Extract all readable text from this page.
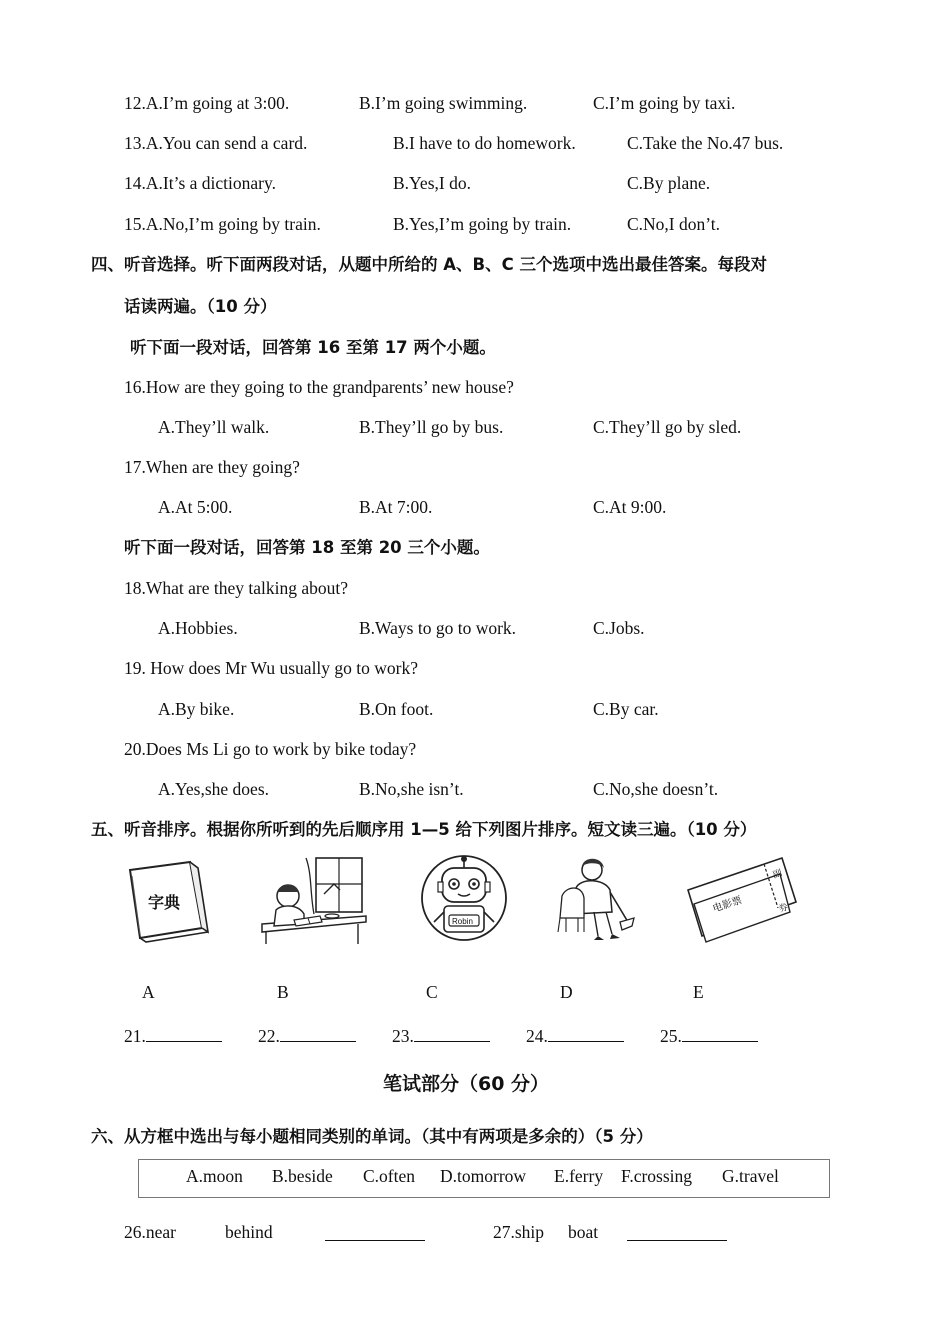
12.A.I’m going at 3:00.	B.I’m going swimming.	C.I’m going by taxi.
13.A.You can send a card.	B.I have to do homework.	C.Take the No.47 bus.
14.A.It’s a dictionary.	B.Yes,I do.	C.By plane.
15.A.No,I’m going by train.	B.Yes,I’m going by train.	C.No,I don’t.
四、听音选择。听下面两段对话，从题中所给的 A、B、C 三个选项中选出最佳答案。每段对
话读两遍。（10 分）
听下面一段对话，回答第 16 至第 17 两个小题。
16.How are they going to the grandparents’ new house?
A.They’ll walk.	B.They’ll go by bus.	C.They’ll go by sled.
17.When are they going?
A.At 5:00.	B.At 7:00.	C.At 9:00.
听下面一段对话，回答第 18 至第 20 三个小题。
18.What are they talking about?
A.Hobbies.	B.Ways to go to work.	C.Jobs.
19. How does Mr Wu usually go to work?
A.By bike.	B.On foot.	C.By car.
20.Does Ms Li go to work by bike today?
A.Yes,she does.	B.No,she isn’t.	C.No,she doesn’t.
五、听音排序。根据你所听到的先后顺序用 1—5 给下列图片排序。短文读三遍。（10 分）
字典
Robin
电影票
副
券
A	B	C	D	E
21.	22.	23.	24.	25.
笔试部分（60 分）
六、从方框中选出与每小题相同类别的单词。（其中有两项是多余的）（5 分）
A.moon B.beside C.often D.tomorrow E.ferry F.crossing G.travel
26.near	behind	27.ship boat
